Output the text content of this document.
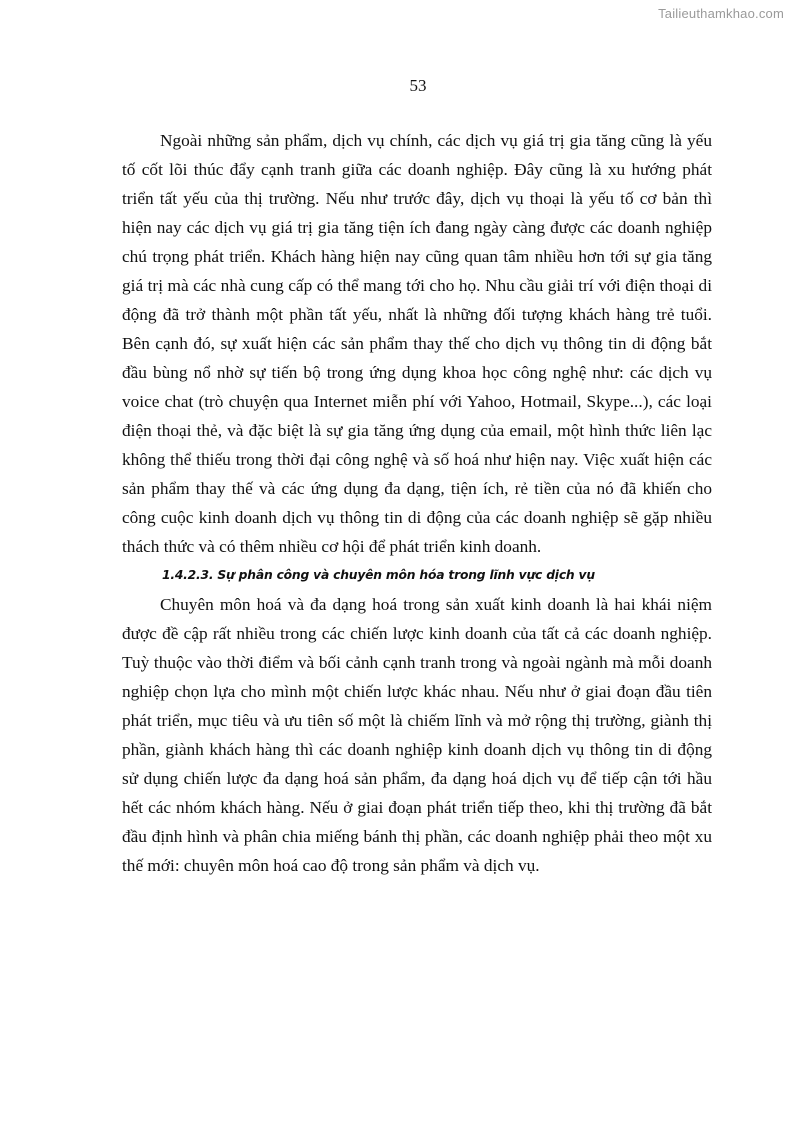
Tailieuthamkhao.com
53

Ngoài những sản phẩm, dịch vụ chính, các dịch vụ giá trị gia tăng cũng là yếu tố cốt lõi thúc đẩy cạnh tranh giữa các doanh nghiệp. Đây cũng là xu hướng phát triển tất yếu của thị trường. Nếu như trước đây, dịch vụ thoại là yếu tố cơ bản thì hiện nay các dịch vụ giá trị gia tăng tiện ích đang ngày càng được các doanh nghiệp chú trọng phát triển. Khách hàng hiện nay cũng quan tâm nhiều hơn tới sự gia tăng giá trị mà các nhà cung cấp có thể mang tới cho họ. Nhu cầu giải trí với điện thoại di động đã trở thành một phần tất yếu, nhất là những đối tượng khách hàng trẻ tuổi. Bên cạnh đó, sự xuất hiện các sản phẩm thay thế cho dịch vụ thông tin di động bắt đầu bùng nổ nhờ sự tiến bộ trong ứng dụng khoa học công nghệ như: các dịch vụ voice chat (trò chuyện qua Internet miễn phí với Yahoo, Hotmail, Skype...), các loại điện thoại thẻ, và đặc biệt là sự gia tăng ứng dụng của email, một hình thức liên lạc không thể thiếu trong thời đại công nghệ và số hoá như hiện nay. Việc xuất hiện các sản phẩm thay thế và các ứng dụng đa dạng, tiện ích, rẻ tiền của nó đã khiến cho công cuộc kinh doanh dịch vụ thông tin di động của các doanh nghiệp sẽ gặp nhiều thách thức và có thêm nhiều cơ hội để phát triển kinh doanh.

1.4.2.3. Sự phân công và chuyên môn hóa trong lĩnh vực dịch vụ

Chuyên môn hoá và đa dạng hoá trong sản xuất kinh doanh là hai khái niệm được đề cập rất nhiều trong các chiến lược kinh doanh của tất cả các doanh nghiệp. Tuỳ thuộc vào thời điểm và bối cảnh cạnh tranh trong và ngoài ngành mà mỗi doanh nghiệp chọn lựa cho mình một chiến lược khác nhau. Nếu như ở giai đoạn đầu tiên phát triển, mục tiêu và ưu tiên số một là chiếm lĩnh và mở rộng thị trường, giành thị phần, giành khách hàng thì các doanh nghiệp kinh doanh dịch vụ thông tin di động sử dụng chiến lược đa dạng hoá sản phẩm, đa dạng hoá dịch vụ để tiếp cận tới hầu hết các nhóm khách hàng. Nếu ở giai đoạn phát triển tiếp theo, khi thị trường đã bắt đầu định hình và phân chia miếng bánh thị phần, các doanh nghiệp phải theo một xu thế mới: chuyên môn hoá cao độ trong sản phẩm và dịch vụ.
